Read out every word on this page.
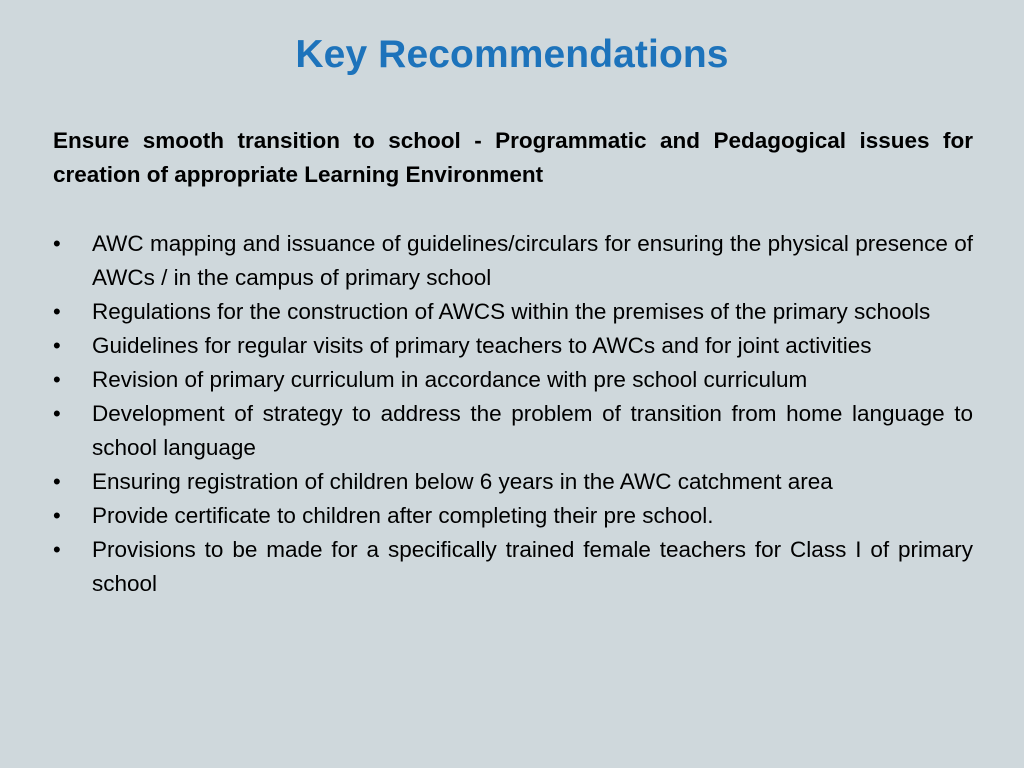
Key Recommendations
Ensure smooth transition to school - Programmatic and Pedagogical issues for creation of appropriate Learning Environment
•	AWC mapping and issuance of guidelines/circulars for ensuring the physical presence of AWCs / in the campus of primary school
•	Regulations for the construction of AWCS within the premises of the primary schools
•	Guidelines for regular visits of primary teachers to AWCs and for joint activities
•	Revision of primary curriculum in accordance with pre school curriculum
•	Development of strategy to address the problem of transition from home language to school language
•	Ensuring registration of children below 6 years in the AWC catchment area
•	Provide certificate to children after completing their pre school.
•	Provisions to be made for a specifically trained female teachers for Class I of primary school
